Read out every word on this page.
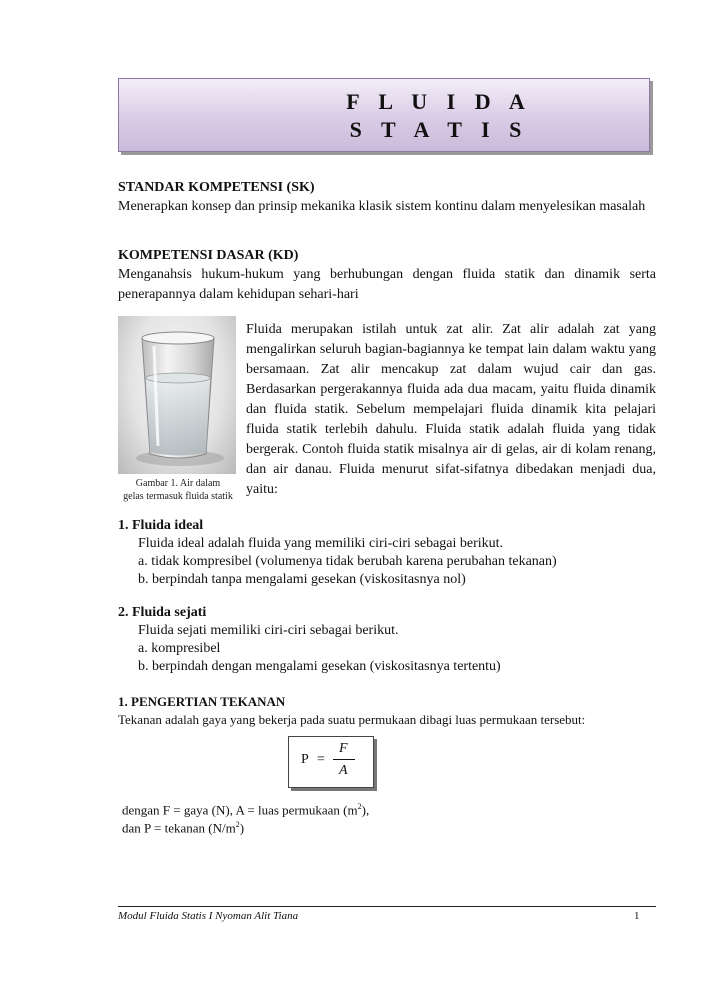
F L U I D A
S T A T I S
STANDAR KOMPETENSI (SK)
Menerapkan konsep dan prinsip mekanika klasik sistem kontinu dalam menyelesikan masalah
KOMPETENSI DASAR (KD)
Menganahsis hukum-hukum yang berhubungan dengan fluida statik dan dinamik serta penerapannya dalam kehidupan sehari-hari
Gambar 1. Air dalam
gelas termasuk fluida statik
Fluida merupakan istilah untuk zat alir. Zat alir adalah zat yang mengalirkan seluruh bagian-bagiannya ke tempat lain dalam waktu yang bersamaan. Zat alir mencakup zat dalam wujud cair dan gas. Berdasarkan pergerakannya fluida ada dua macam, yaitu fluida dinamik dan fluida statik. Sebelum mempelajari fluida dinamik kita pelajari fluida statik terlebih dahulu. Fluida statik adalah fluida yang tidak bergerak. Contoh fluida statik misalnya air di gelas, air di kolam renang, dan air danau. Fluida menurut sifat-sifatnya dibedakan menjadi dua, yaitu:
1. Fluida ideal
Fluida ideal adalah fluida yang memiliki ciri-ciri sebagai berikut.
a. tidak kompresibel (volumenya tidak berubah karena perubahan tekanan)
b. berpindah tanpa mengalami gesekan (viskositasnya nol)
2. Fluida sejati
Fluida sejati memiliki ciri-ciri sebagai berikut.
a. kompresibel
b. berpindah dengan mengalami gesekan (viskositasnya tertentu)
1. PENGERTIAN TEKANAN
Tekanan adalah gaya yang bekerja pada suatu permukaan dibagi luas permukaan tersebut:
P =
F
A
dengan F = gaya (N), A = luas permukaan $(m^2)$,
dan P = tekanan $(N/m^2)$
Modul Fluida Statis I Nyoman Alit Tiana	1
